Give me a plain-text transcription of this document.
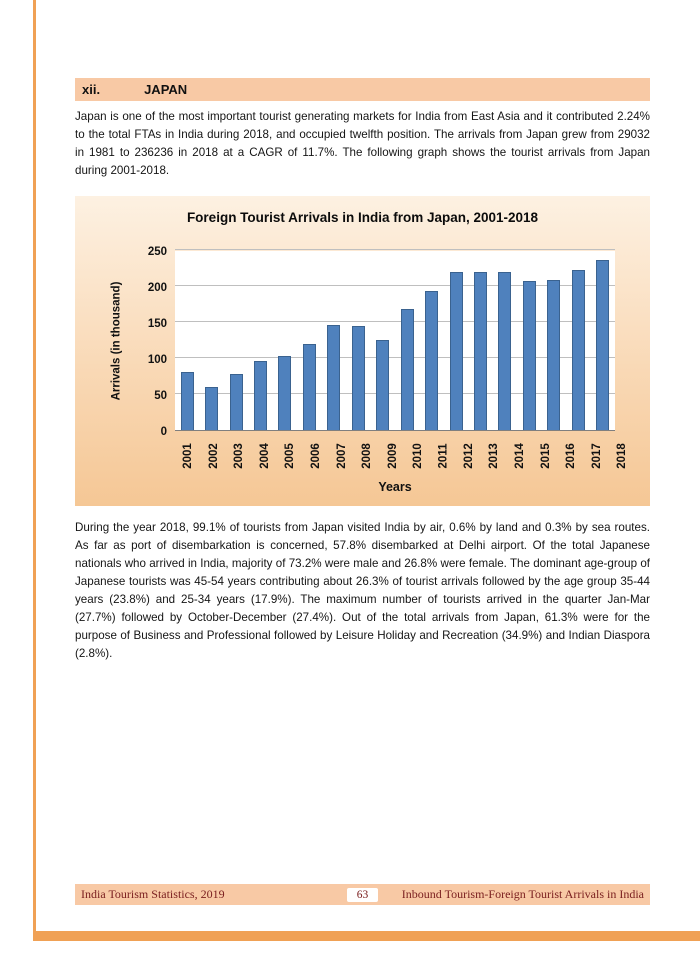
xii.	JAPAN

Japan is one of the most important tourist generating markets for India from East Asia and it contributed 2.24% to the total FTAs in India during 2018, and occupied twelfth position. The arrivals from Japan grew from 29032 in 1981 to 236236 in 2018 at a CAGR of 11.7%. The following graph shows the tourist arrivals from Japan during 2001-2018.

Foreign Tourist Arrivals in India from Japan, 2001-2018
Arrivals (in thousand)
0
50
100
150
200
250
2001 2002 2003 2004 2005 2006 2007 2008 2009 2010 2011 2012 2013 2014 2015 2016 2017 2018
Years

During the year 2018, 99.1% of tourists from Japan visited India by air, 0.6% by land and 0.3% by sea routes. As far as port of disembarkation is concerned, 57.8% disembarked at Delhi airport. Of the total Japanese nationals who arrived in India, majority of 73.2% were male and 26.8% were female. The dominant age-group of Japanese tourists was 45-54 years contributing about 26.3% of tourist arrivals followed by the age group 35-44 years (23.8%) and 25-34 years (17.9%). The maximum number of tourists arrived in the quarter Jan-Mar (27.7%) followed by October-December (27.4%). Out of the total arrivals from Japan, 61.3% were for the purpose of Business and Professional followed by Leisure Holiday and Recreation (34.9%) and Indian Diaspora (2.8%).

India Tourism Statistics, 2019	63	Inbound Tourism-Foreign Tourist Arrivals in India
